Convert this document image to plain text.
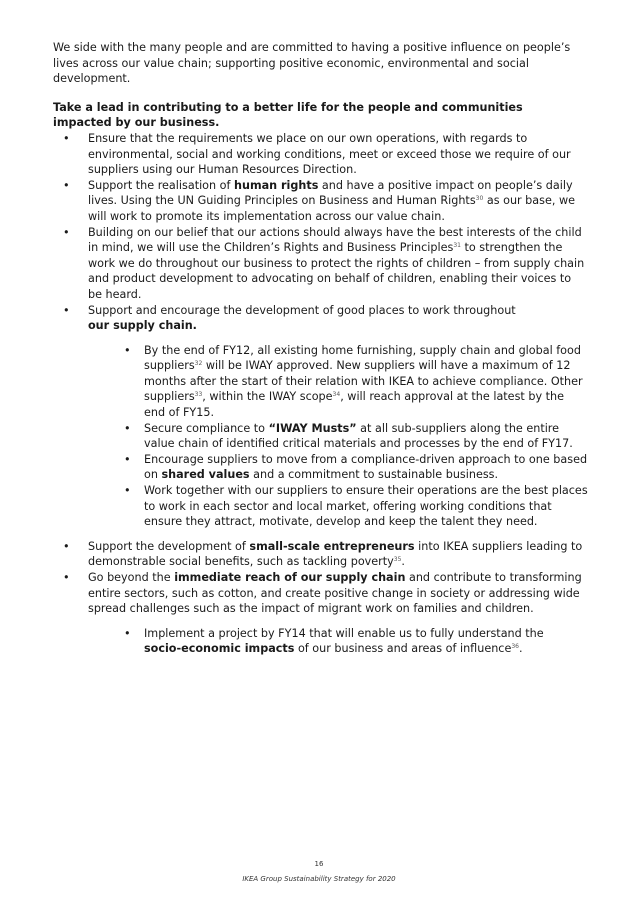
We side with the many people and are committed to having a positive influence on people’s lives across our value chain; supporting positive economic, environmental and social development.

Take a lead in contributing to a better life for the people and communities
impacted by our business.

• Ensure that the requirements we place on our own operations, with regards to environmental, social and working conditions, meet or exceed those we require of our suppliers using our Human Resources Direction.
• Support the realisation of human rights and have a positive impact on people’s daily lives. Using the UN Guiding Principles on Business and Human Rights$^{30}$ as our base, we will work to promote its implementation across our value chain.
• Building on our belief that our actions should always have the best interests of the child in mind, we will use the Children’s Rights and Business Principles$^{31}$ to strengthen the work we do throughout our business to protect the rights of children – from supply chain and product development to advocating on behalf of children, enabling their voices to be heard.
• Support and encourage the development of good places to work throughout
our supply chain.
• By the end of FY12, all existing home furnishing, supply chain and global food suppliers$^{32}$ will be IWAY approved. New suppliers will have a maximum of 12 months after the start of their relation with IKEA to achieve compliance. Other suppliers$^{33}$, within the IWAY scope$^{34}$, will reach approval at the latest by the end of FY15.
• Secure compliance to “IWAY Musts” at all sub-suppliers along the entire value chain of identified critical materials and processes by the end of FY17.
• Encourage suppliers to move from a compliance-driven approach to one based on shared values and a commitment to sustainable business.
• Work together with our suppliers to ensure their operations are the best places to work in each sector and local market, offering working conditions that ensure they attract, motivate, develop and keep the talent they need.
• Support the development of small-scale entrepreneurs into IKEA suppliers leading to demonstrable social benefits, such as tackling poverty$^{35}$.
• Go beyond the immediate reach of our supply chain and contribute to transforming entire sectors, such as cotton, and create positive change in society or addressing wide spread challenges such as the impact of migrant work on families and children.
• Implement a project by FY14 that will enable us to fully understand the
socio-economic impacts of our business and areas of influence$^{36}$.
16
IKEA Group Sustainability Strategy for 2020
